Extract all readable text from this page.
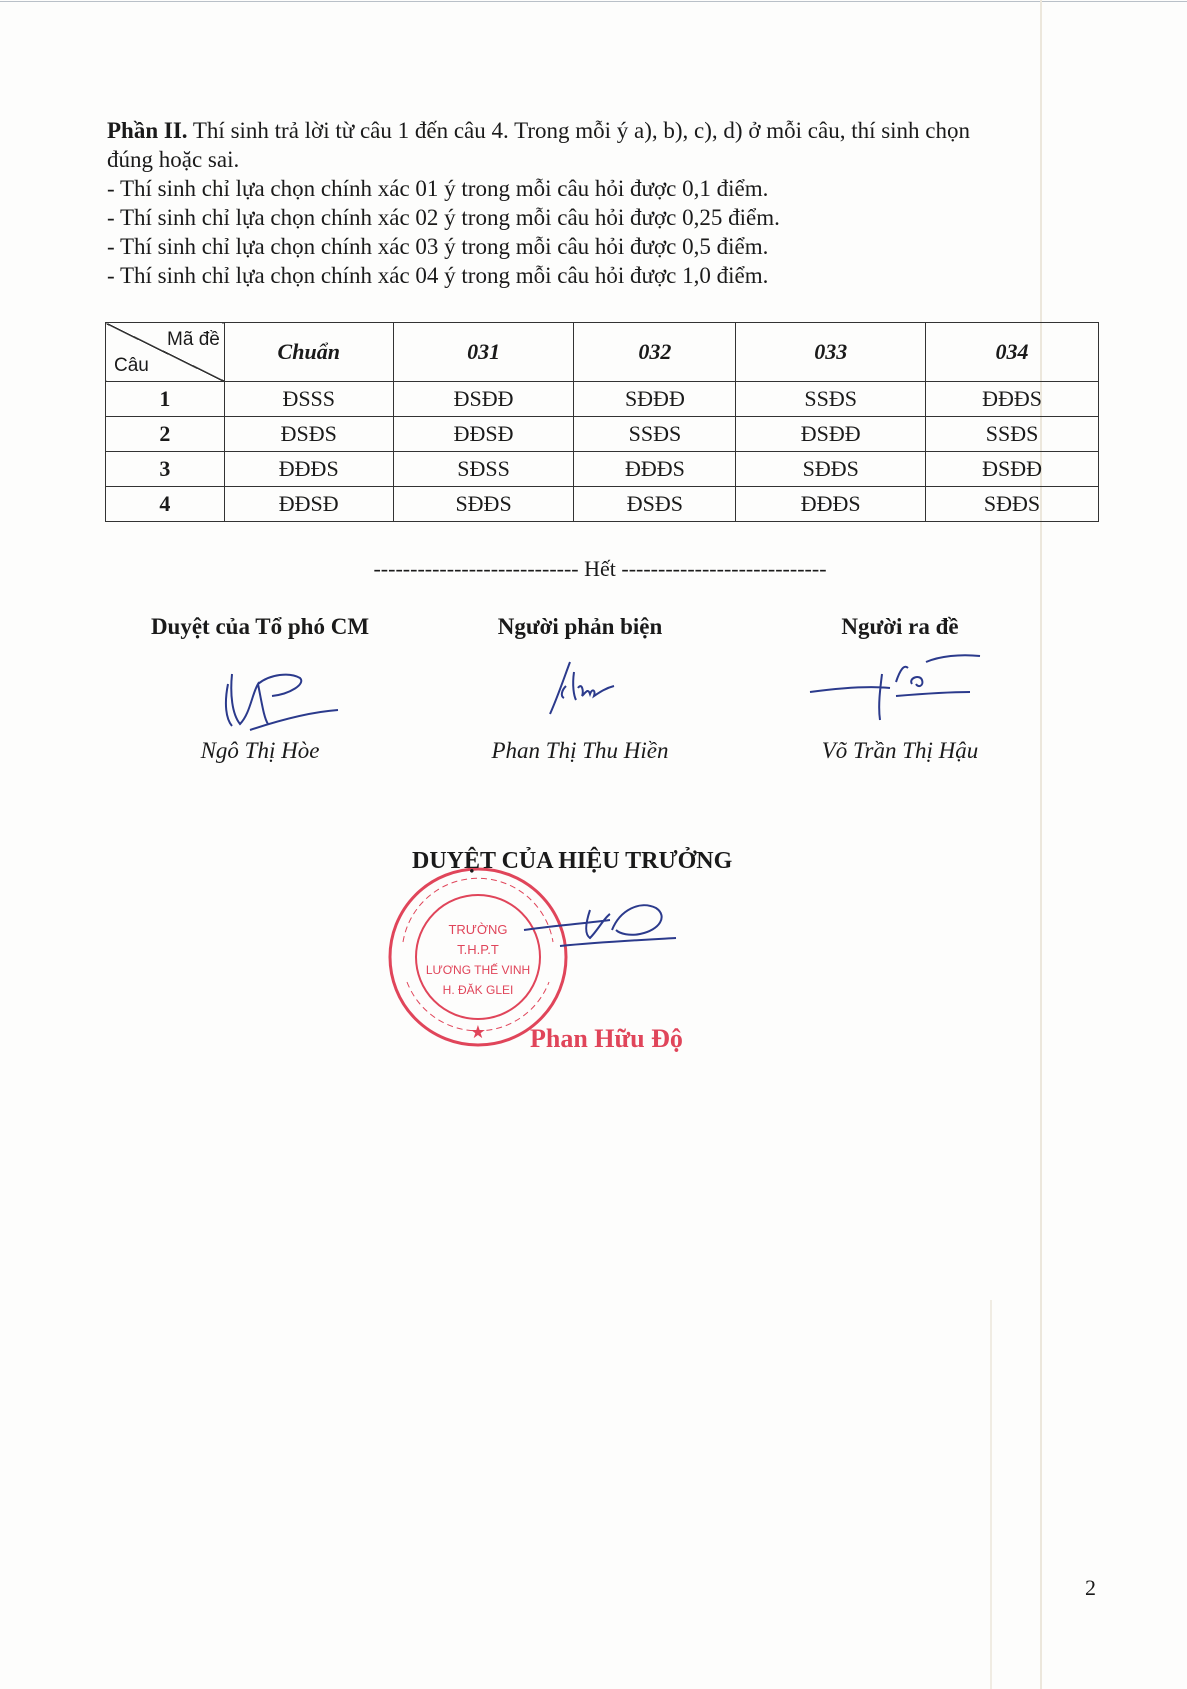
Phần II. Thí sinh trả lời từ câu 1 đến câu 4. Trong mỗi ý a), b), c), d) ở mỗi câu, thí sinh chọn

đúng hoặc sai.

- Thí sinh chỉ lựa chọn chính xác 01 ý trong mỗi câu hỏi được 0,1 điểm.

- Thí sinh chỉ lựa chọn chính xác 02 ý trong mỗi câu hỏi được 0,25 điểm.

- Thí sinh chỉ lựa chọn chính xác 03 ý trong mỗi câu hỏi được 0,5 điểm.

- Thí sinh chỉ lựa chọn chính xác 04 ý trong mỗi câu hỏi được 1,0 điểm.

Mã đề
Câu	Chuẩn	031	032	033	034
1	ĐSSS	ĐSĐĐ	SĐĐĐ	SSĐS	ĐĐĐS
2	ĐSĐS	ĐĐSĐ	SSĐS	ĐSĐĐ	SSĐS
3	ĐĐĐS	SĐSS	ĐĐĐS	SĐĐS	ĐSĐĐ
4	ĐĐSĐ	SĐĐS	ĐSĐS	ĐĐĐS	SĐĐS
---------------------------- Hết ----------------------------
Duyệt của Tổ phó CM
Ngô Thị Hòe
Người phản biện
Phan Thị Thu Hiền
Người ra đề
Võ Trần Thị Hậu
TRƯỜNG
T.H.P.T
LƯƠNG THẾ VINH
H. ĐĂK GLEI
★
DUYỆT CỦA HIỆU TRƯỞNG
Phan Hữu Độ
2
